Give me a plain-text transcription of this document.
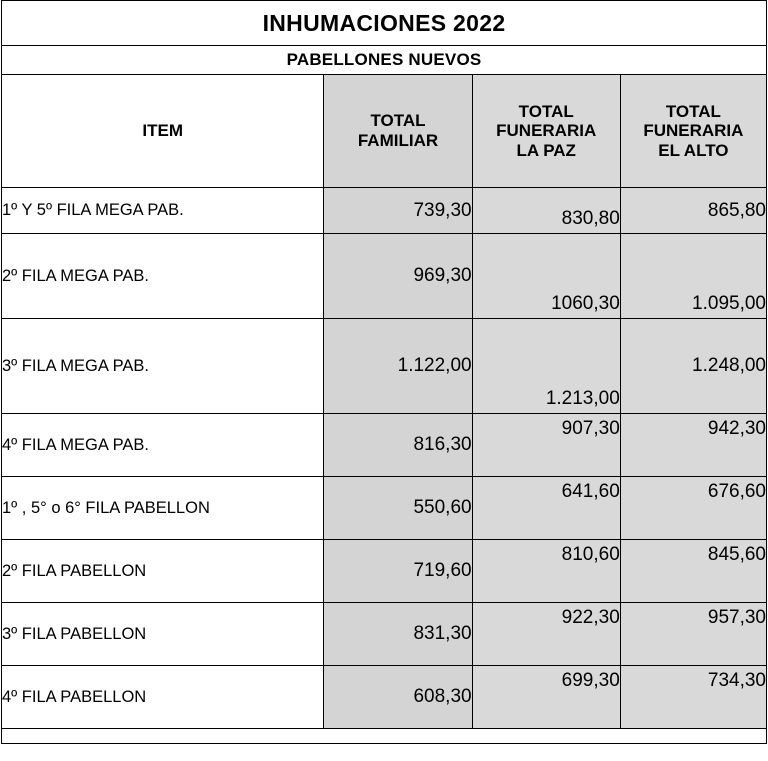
INHUMACIONES 2022			
PABELLONES NUEVOS			
ITEM	
TOTAL
FAMILIAR

TOTAL
FUNERARIA
LA PAZ

TOTAL
FUNERARIA
EL ALTO

1º Y 5º FILA MEGA PAB.	739,30	830,80	865,80
2º FILA MEGA PAB.	969,30	1060,30	1.095,00
3º FILA MEGA PAB.	1.122,00	1.213,00	1.248,00
4º FILA MEGA PAB.	816,30	907,30	942,30
1º , 5° o 6° FILA PABELLON	550,60	641,60	676,60
2º FILA PABELLON	719,60	810,60	845,60
3º FILA PABELLON	831,30	922,30	957,30
4º FILA PABELLON	608,30	699,30	734,30
